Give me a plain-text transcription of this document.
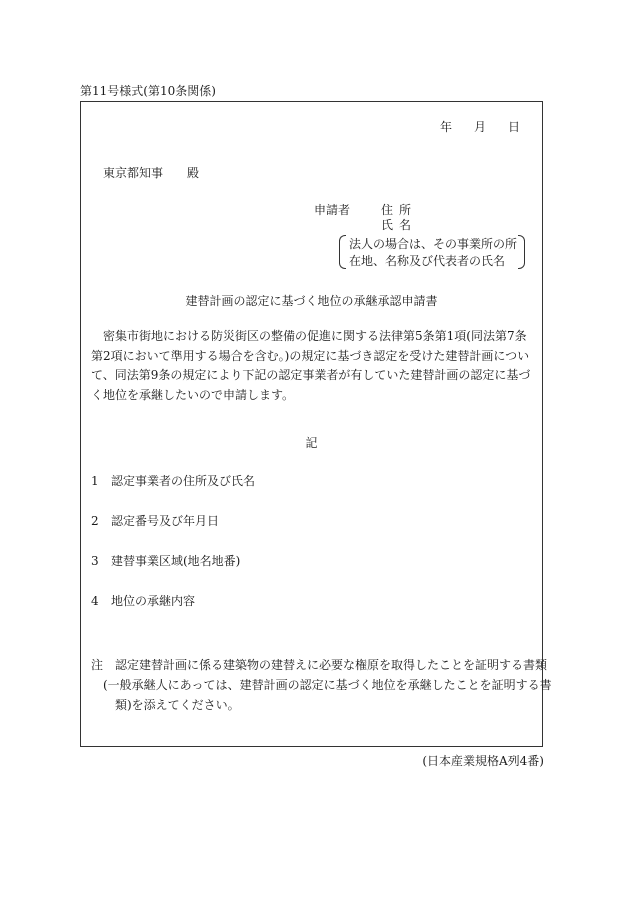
第11号様式(第10条関係)
年 月 日
東京都知事 殿
申請者	住所
氏名
法人の場合は、その事業所の所
在地、名称及び代表者の氏名
建替計画の認定に基づく地位の承継承認申請書
密集市街地における防災街区の整備の促進に関する法律第5条第1項(同法第7条第2項において準用する場合を含む。)の規定に基づき認定を受けた建替計画について、同法第9条の規定により下記の認定事業者が有していた建替計画の認定に基づく地位を承継したいので申請します。
記
1 認定事業者の住所及び氏名
2 認定番号及び年月日
3 建替事業区域(地名地番)
4 地位の承継内容
注 認定建替計画に係る建築物の建替えに必要な権原を取得したことを証明する書類
(一般承継人にあっては、建替計画の認定に基づく地位を承継したことを証明する書
類)を添えてください。
(日本産業規格A列4番)
